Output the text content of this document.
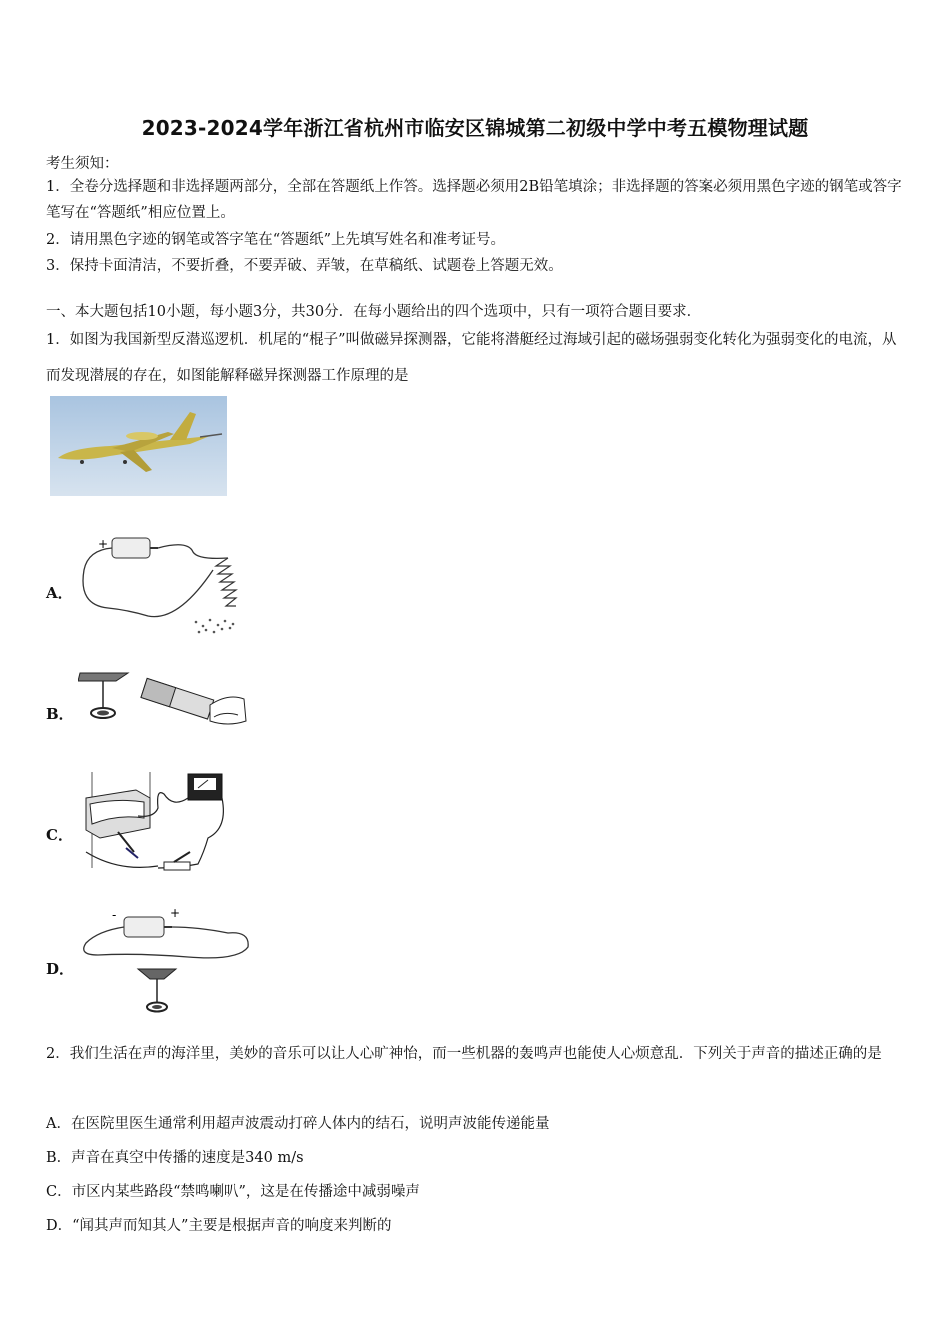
2023-2024学年浙江省杭州市临安区锦城第二初级中学中考五模物理试题
考生须知：
1．全卷分选择题和非选择题两部分，全部在答题纸上作答。选择题必须用2B铅笔填涂；非选择题的答案必须用黑色字迹的钢笔或答字笔写在“答题纸”相应位置上。
2．请用黑色字迹的钢笔或答字笔在“答题纸”上先填写姓名和准考证号。
3．保持卡面清洁，不要折叠，不要弄破、弄皱，在草稿纸、试题卷上答题无效。
一、本大题包括10小题，每小题3分，共30分．在每小题给出的四个选项中，只有一项符合题目要求．
1．如图为我国新型反潜巡逻机．机尾的“棍子”叫做磁异探测器，它能将潜艇经过海域引起的磁场强弱变化转化为强弱变化的电流，从而发现潜展的存在，如图能解释磁异探测器工作原理的是
A．
+
B．
C．
D．
-	+
2．我们生活在声的海洋里，美妙的音乐可以让人心旷神怡，而一些机器的轰鸣声也能使人心烦意乱．下列关于声音的描述正确的是
A．在医院里医生通常利用超声波震动打碎人体内的结石，说明声波能传递能量
B．声音在真空中传播的速度是340 m/s
C．市区内某些路段“禁鸣喇叭”，这是在传播途中减弱噪声
D．“闻其声而知其人”主要是根据声音的响度来判断的
